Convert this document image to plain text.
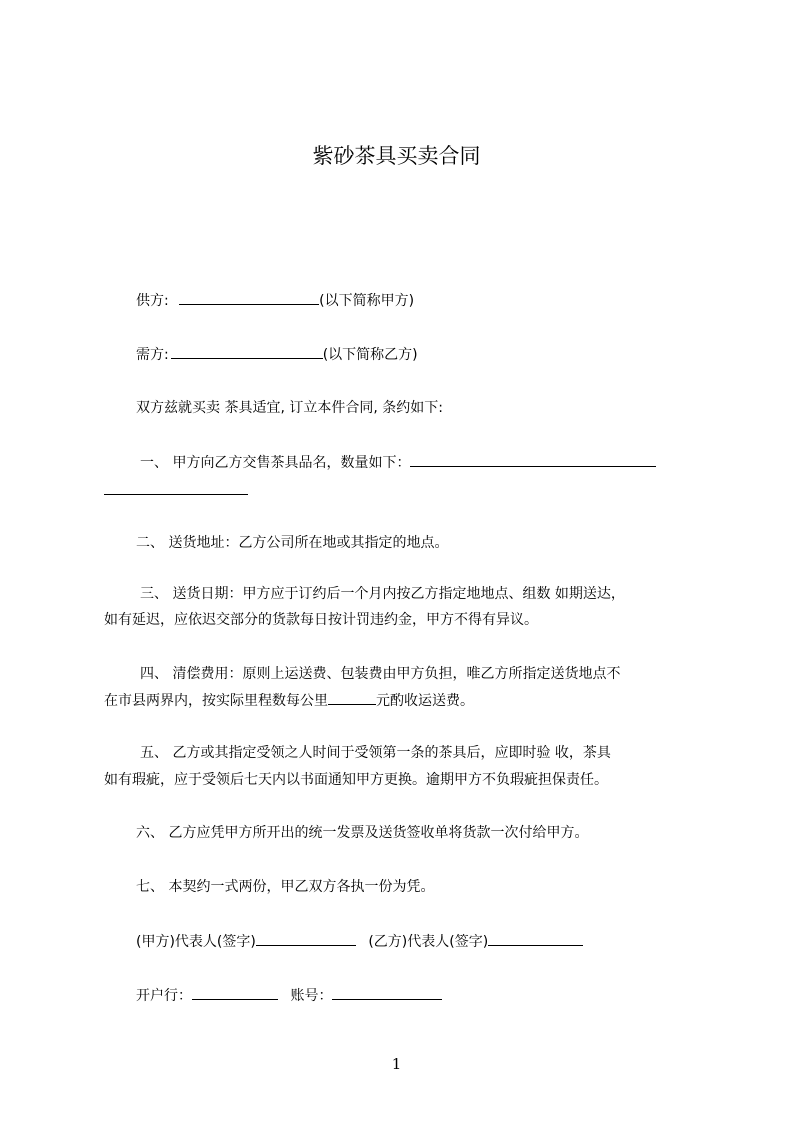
紫砂茶具买卖合同
供方:	(以下简称甲方)
需方:	(以下简称乙方)
双方兹就买卖 茶具适宜, 订立本件合同, 条约如下:
一、 甲方向乙方交售茶具品名，数量如下：
二、 送货地址：乙方公司所在地或其指定的地点。
三、 送货日期：甲方应于订约后一个月内按乙方指定地地点、组数 如期送达，
如有延迟，应依迟交部分的货款每日按计罚违约金，甲方不得有异议。
四、 清偿费用：原则上运送费、包装费由甲方负担，唯乙方所指定送货地点不
在市县两界内，按实际里程数每公里	元酌收运送费。
五、 乙方或其指定受领之人时间于受领第一条的茶具后，应即时验 收，茶具
如有瑕疵，应于受领后七天内以书面通知甲方更换。逾期甲方不负瑕疵担保责任。
六、 乙方应凭甲方所开出的统一发票及送货签收单将货款一次付给甲方。
七、 本契约一式两份，甲乙双方各执一份为凭。
(甲方)代表人(签字)	(乙方)代表人(签字)
开户行：	账号：
1
